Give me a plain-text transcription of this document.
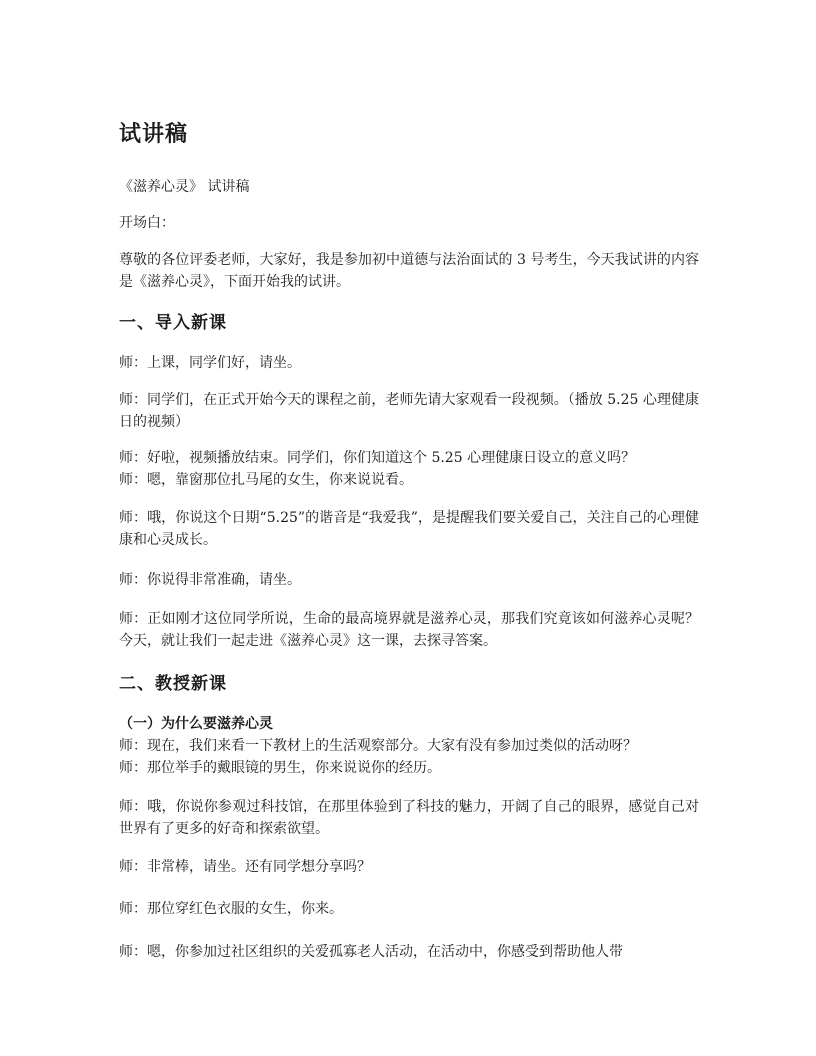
试讲稿
《滋养心灵》 试讲稿
开场白：
尊敬的各位评委老师，大家好，我是参加初中道德与法治面试的 3 号考生，今天我试讲的内容是《滋养心灵》，下面开始我的试讲。
一、导入新课
师：上课，同学们好，请坐。
师：同学们，在正式开始今天的课程之前，老师先请大家观看一段视频。（播放 5.25 心理健康日的视频）
师：好啦，视频播放结束。同学们，你们知道这个 5.25 心理健康日设立的意义吗？
师：嗯，靠窗那位扎马尾的女生，你来说说看。
师：哦，你说这个日期“5.25”的谐音是“我爱我”，是提醒我们要关爱自己，关注自己的心理健康和心灵成长。
师：你说得非常准确，请坐。
师：正如刚才这位同学所说，生命的最高境界就是滋养心灵，那我们究竟该如何滋养心灵呢？今天，就让我们一起走进《滋养心灵》这一课，去探寻答案。
二、教授新课
（一）为什么要滋养心灵
师：现在，我们来看一下教材上的生活观察部分。大家有没有参加过类似的活动呀？
师：那位举手的戴眼镜的男生，你来说说你的经历。
师：哦，你说你参观过科技馆，在那里体验到了科技的魅力，开阔了自己的眼界，感觉自己对世界有了更多的好奇和探索欲望。
师：非常棒，请坐。还有同学想分享吗？
师：那位穿红色衣服的女生，你来。
师：嗯，你参加过社区组织的关爱孤寡老人活动，在活动中，你感受到帮助他人带
